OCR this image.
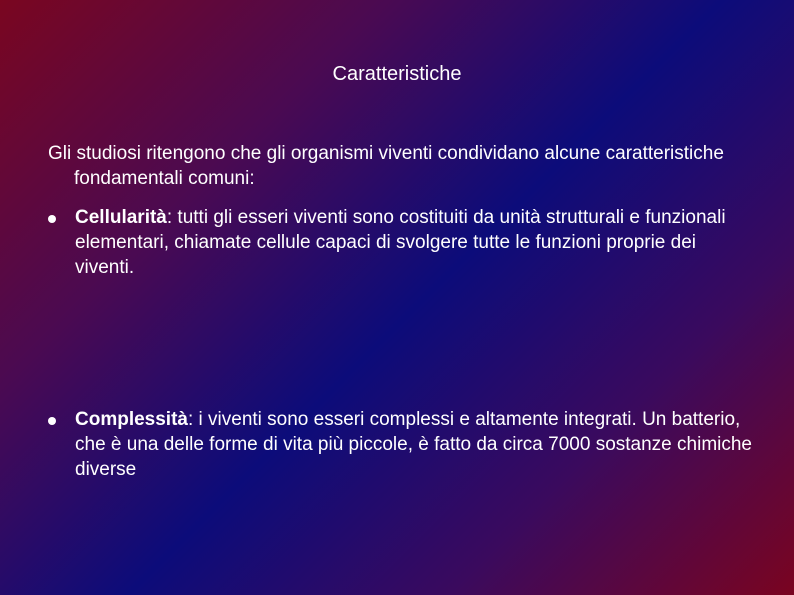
Caratteristiche
Gli studiosi ritengono che gli organismi viventi condividano alcune caratteristiche fondamentali comuni:
Cellularità: tutti gli esseri viventi sono costituiti da unità strutturali e funzionali elementari, chiamate cellule capaci di svolgere tutte le funzioni proprie dei viventi.
Complessità: i viventi sono esseri complessi e altamente integrati. Un batterio, che è una delle forme di vita più piccole, è fatto da circa 7000 sostanze chimiche diverse
